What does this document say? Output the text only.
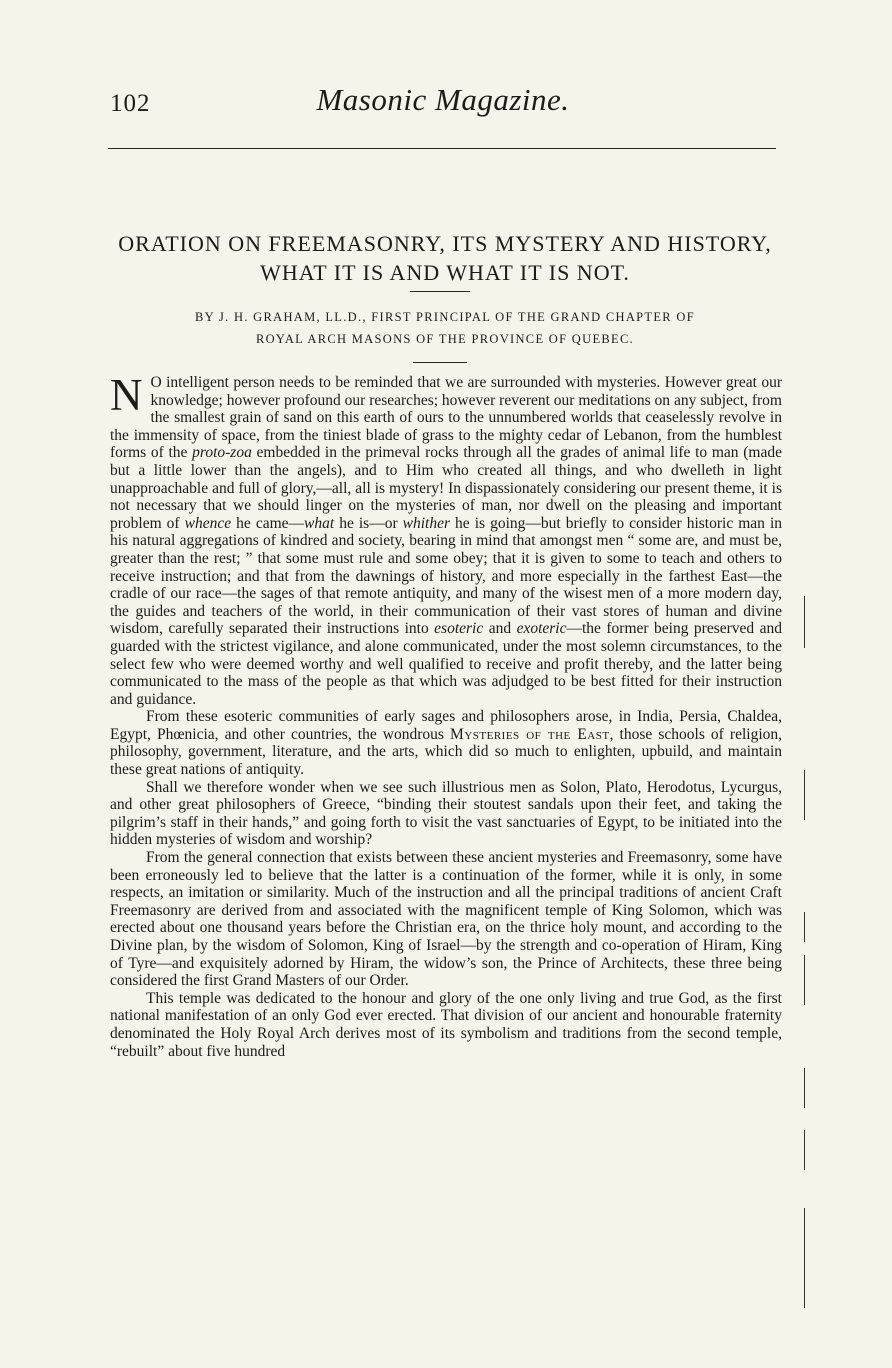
102	Masonic Magazine.
ORATION ON FREEMASONRY, ITS MYSTERY AND HISTORY,
WHAT IT IS AND WHAT IT IS NOT.
BY J. H. GRAHAM, LL.D., FIRST PRINCIPAL OF THE GRAND CHAPTER OF
ROYAL ARCH MASONS OF THE PROVINCE OF QUEBEC.

N O intelligent person needs to be reminded that we are surrounded with mysteries. However great our knowledge; however profound our researches; however reverent our meditations on any subject, from the smallest grain of sand on this earth of ours to the unnumbered worlds that ceaselessly revolve in the immensity of space, from the tiniest blade of grass to the mighty cedar of Lebanon, from the humblest forms of the proto-zoa embedded in the primeval rocks through all the grades of animal life to man (made but a little lower than the angels), and to Him who created all things, and who dwelleth in light unapproachable and full of glory,—all, all is mystery! In dispassionately considering our present theme, it is not necessary that we should linger on the mysteries of man, nor dwell on the pleasing and important problem of whence he came—what he is—or whither he is going—but briefly to consider historic man in his natural aggregations of kindred and society, bearing in mind that amongst men “ some are, and must be, greater than the rest; ” that some must rule and some obey; that it is given to some to teach and others to receive instruction; and that from the dawnings of history, and more especially in the farthest East—the cradle of our race—the sages of that remote antiquity, and many of the wisest men of a more modern day, the guides and teachers of the world, in their communication of their vast stores of human and divine wisdom, carefully separated their instructions into esoteric and exoteric—the former being preserved and guarded with the strictest vigilance, and alone communicated, under the most solemn circumstances, to the select few who were deemed worthy and well qualified to receive and profit thereby, and the latter being communicated to the mass of the people as that which was adjudged to be best fitted for their instruction and guidance.

From these esoteric communities of early sages and philosophers arose, in India, Persia, Chaldea, Egypt, Phœnicia, and other countries, the wondrous Mysteries of the East, those schools of religion, philosophy, government, literature, and the arts, which did so much to enlighten, upbuild, and maintain these great nations of antiquity.

Shall we therefore wonder when we see such illustrious men as Solon, Plato, Herodotus, Lycurgus, and other great philosophers of Greece, “binding their stoutest sandals upon their feet, and taking the pilgrim’s staff in their hands,” and going forth to visit the vast sanctuaries of Egypt, to be initiated into the hidden mysteries of wisdom and worship?

From the general connection that exists between these ancient mysteries and Freemasonry, some have been erroneously led to believe that the latter is a continuation of the former, while it is only, in some respects, an imitation or similarity. Much of the instruction and all the principal traditions of ancient Craft Freemasonry are derived from and associated with the magnificent temple of King Solomon, which was erected about one thousand years before the Christian era, on the thrice holy mount, and according to the Divine plan, by the wisdom of Solomon, King of Israel—by the strength and co-operation of Hiram, King of Tyre—and exquisitely adorned by Hiram, the widow’s son, the Prince of Architects, these three being considered the first Grand Masters of our Order.

This temple was dedicated to the honour and glory of the one only living and true God, as the first national manifestation of an only God ever erected. That division of our ancient and honourable fraternity denominated the Holy Royal Arch derives most of its symbolism and traditions from the second temple, “rebuilt” about five hundred
